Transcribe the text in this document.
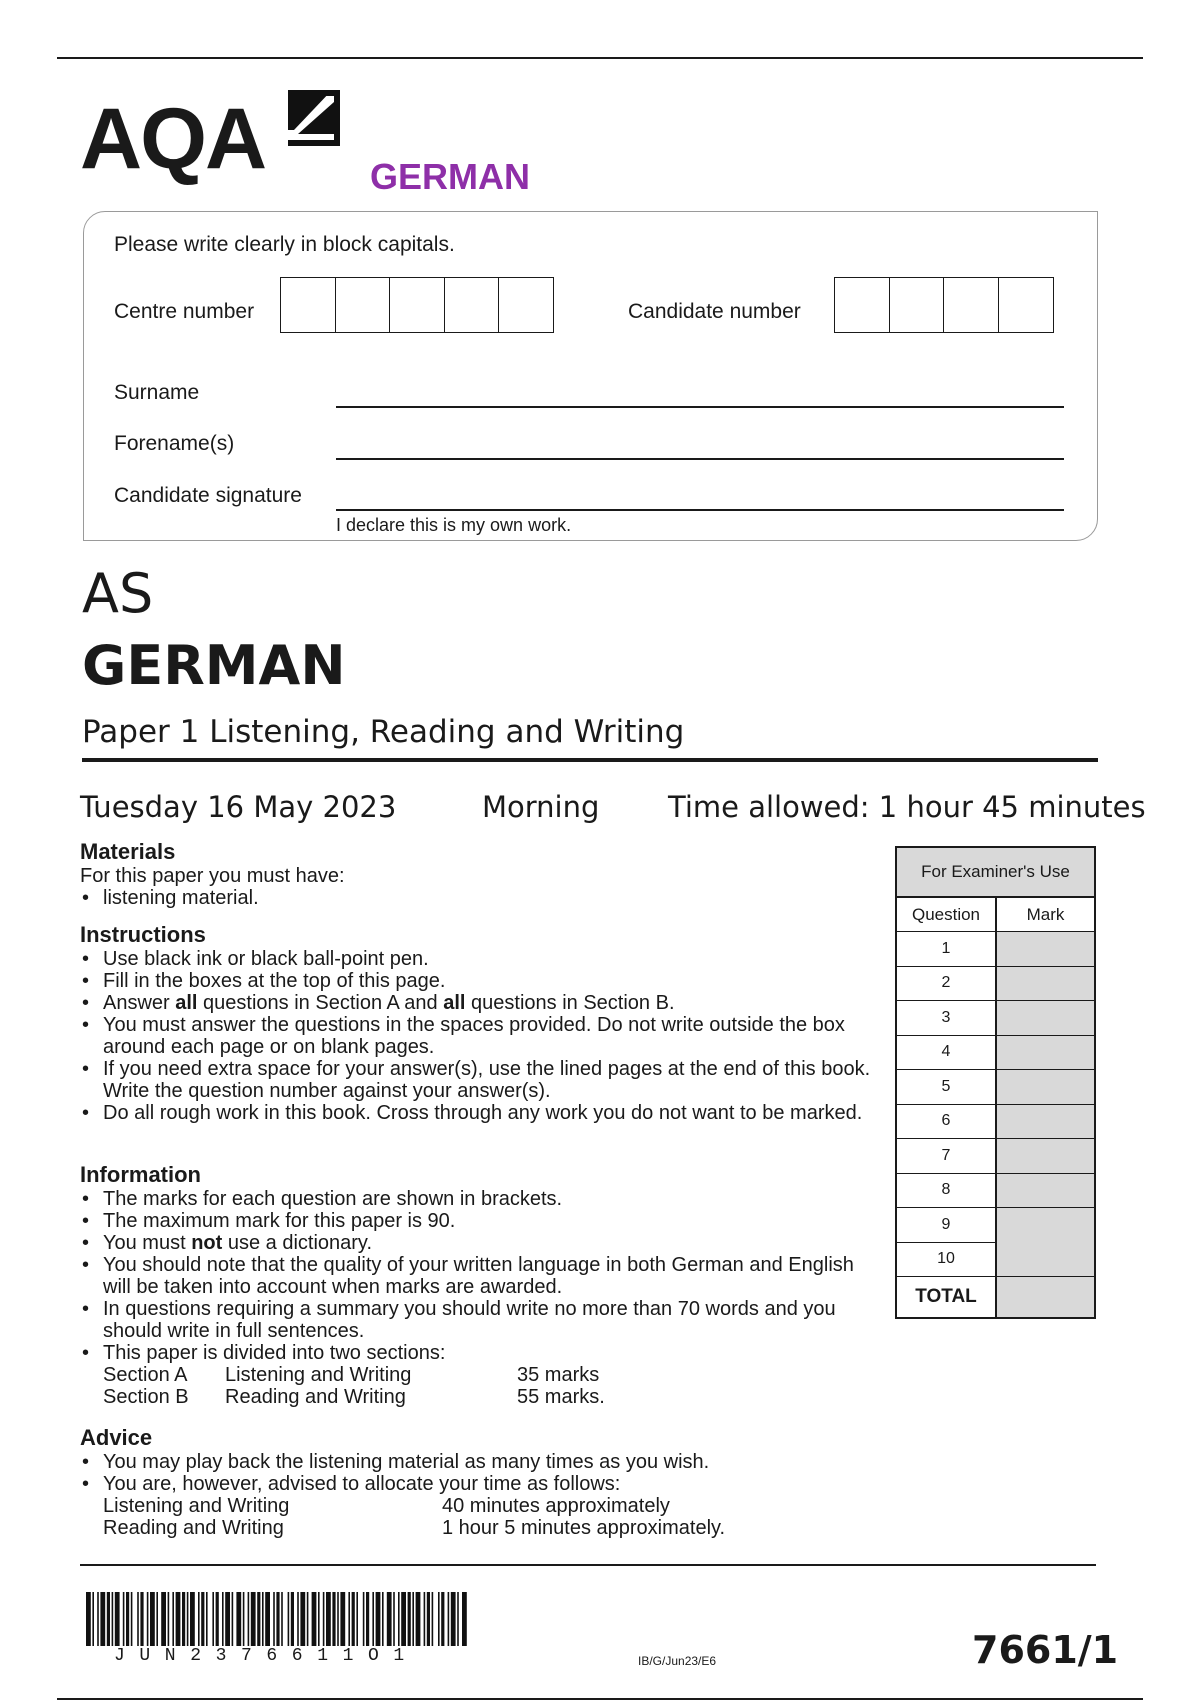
AQA	GERMAN
Please write clearly in block capitals.
Centre number	Candidate number
Surname
Forename(s)
Candidate signature
I declare this is my own work.
AS
GERMAN
Paper 1 Listening, Reading and Writing
Tuesday 16 May 2023	Morning Time allowed: 1 hour 45 minutes
Materials
For this paper you must have:
• listening material.
Instructions
• Use black ink or black ball-point pen.
• Fill in the boxes at the top of this page.
• Answer all questions in Section A and all questions in Section B.
• You must answer the questions in the spaces provided. Do not write outside the box around each page or on blank pages.
• If you need extra space for your answer(s), use the lined pages at the end of this book. Write the question number against your answer(s).
• Do all rough work in this book. Cross through any work you do not want to be marked.
Information
• The marks for each question are shown in brackets.
• The maximum mark for this paper is 90.
• You must not use a dictionary.
• You should note that the quality of your written language in both German and English will be taken into account when marks are awarded.
• In questions requiring a summary you should write no more than 70 words and you should write in full sentences.
• This paper is divided into two sections:
Section A	Listening and Writing	35 marks
Section B	Reading and Writing	55 marks.
Advice
• You may play back the listening material as many times as you wish.
• You are, however, advised to allocate your time as follows:
Listening and Writing	40 minutes approximately
Reading and Writing	1 hour 5 minutes approximately.
For Examiner's Use
Question	Mark
1
2
3
4
5
6
7
8
9
10
TOTAL
JUN2376611O1	IB/G/Jun23/E6	7661/1
